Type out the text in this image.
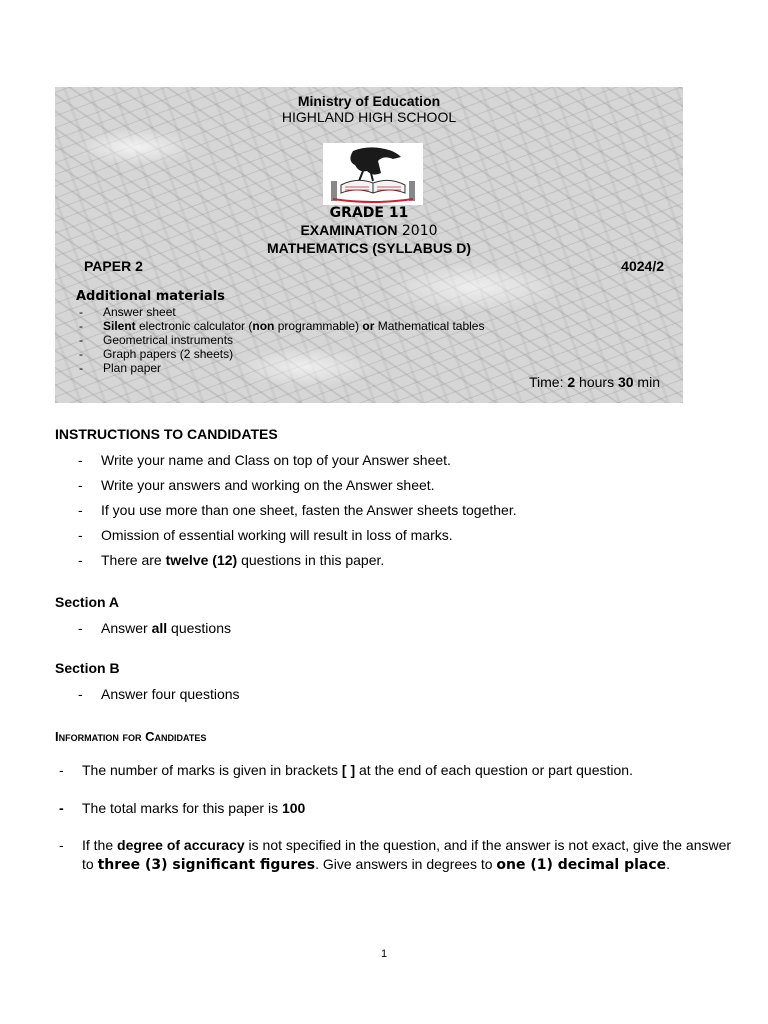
Ministry of Education
HIGHLAND HIGH SCHOOL
GRADE 11
EXAMINATION 2010
MATHEMATICS (SYLLABUS D)
PAPER 2	4024/2
Additional materials
- Answer sheet
- Silent electronic calculator (non programmable) or Mathematical tables
- Geometrical instruments
- Graph papers (2 sheets)
- Plan paper
Time: 2 hours 30 min
INSTRUCTIONS TO CANDIDATES
- Write your name and Class on top of your Answer sheet.
- Write your answers and working on the Answer sheet.
- If you use more than one sheet, fasten the Answer sheets together.
- Omission of essential working will result in loss of marks.
- There are twelve (12) questions in this paper.
Section A
- Answer all questions
Section B
- Answer four questions
Information for Candidates
- The number of marks is given in brackets [ ] at the end of each question or part question.
- The total marks for this paper is 100
- If the degree of accuracy is not specified in the question, and if the answer is not exact, give the answer to three (3) significant figures. Give answers in degrees to one (1) decimal place.
1
